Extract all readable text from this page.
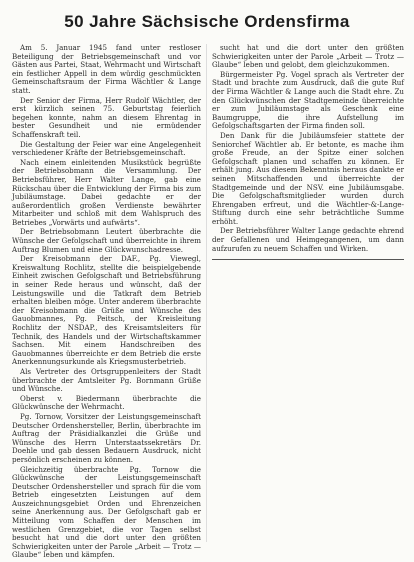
50 Jahre Sächsische Ordensfirma

Am 5. Januar 1945 fand unter restloser Beteiligung der Betriebsgemeinschaft und vor Gästen aus Partei, Staat, Wehrmacht und Wirtschaft ein festlicher Appell in dem würdig geschmückten Gemeinschaftsraum der Firma Wächtler & Lange statt.

Der Senior der Firma, Herr Rudolf Wächtler, der erst kürzlich seinen 75. Geburtstag feierlich begehen konnte, nahm an diesem Ehrentag in bester Gesundheit und nie ermüdender Schaffenskraft teil.

Die Gestaltung der Feier war eine Angelegenheit verschiedener Kräfte der Betriebsgemeinschaft.

Nach einem einleitenden Musikstück begrüßte der Betriebsobmann die Versammlung. Der Betriebsführer, Herr Walter Lange, gab eine Rückschau über die Entwicklung der Firma bis zum Jubiläumstage. Dabei gedachte er der außerordentlich großen Verdienste bewährter Mitarbeiter und schloß mit dem Wahlspruch des Betriebes „Vorwärts und aufwärts“.

Der Betriebsobmann Leutert überbrachte die Wünsche der Gefolgschaft und überreichte in ihrem Auftrag Blumen und eine Glückwunschadresse.

Der Kreisobmann der DAF., Pg. Viewegl, Kreiswaltung Rochlitz, stellte die beispielgebende Einheit zwischen Gefolgschaft und Betriebsführung in seiner Rede heraus und wünscht, daß der Leistungswille und die Tatkraft dem Betrieb erhalten bleiben möge. Unter anderem überbrachte der Kreisobmann die Grüße und Wünsche des Gauobmannes, Pg. Peitsch, der Kreisleitung Rochlitz der NSDAP., des Kreisamtsleiters für Technik, des Handels und der Wirtschaftskammer Sachsen. Mit einem Handschreiben des Gauobmannes überreichte er dem Betrieb die erste Anerkennungsurkunde als Kriegsmusterbetrieb.

Als Vertreter des Ortsgruppenleiters der Stadt überbrachte der Amtsleiter Pg. Bornmann Grüße und Wünsche.

Oberst v. Biedermann überbrachte die Glückwünsche der Wehrmacht.

Pg. Tornow, Vorsitzer der Leistungsgemeinschaft Deutscher Ordenshersteller, Berlin, überbrachte im Auftrag der Präsidialkanzlei die Grüße und Wünsche des Herrn Unterstaatssekretärs Dr. Doehle und gab dessen Bedauern Ausdruck, nicht persönlich erscheinen zu können.

Gleichzeitig überbrachte Pg. Tornow die Glückwünsche der Leistungsgemeinschaft Deutscher Ordenshersteller und sprach für die vom Betrieb eingesetzten Leistungen auf dem Auszeichnungsgebiet Orden und Ehrenzeichen seine Anerkennung aus. Der Gefolgschaft gab er Mitteilung vom Schaffen der Menschen im westlichen Grenzgebiet, die vor Tagen selbst besucht hat und die dort unter den größten Schwierigkeiten unter der Parole „Arbeit — Trotz — Glaube“ leben und kämpfen.

sucht hat und die dort unter den größten Schwierigkeiten unter der Parole „Arbeit — Trotz — Glaube“ leben und gelobt, dem gleichzukommen.

Bürgermeister Pg. Vogel sprach als Vertreter der Stadt und brachte zum Ausdruck, daß die gute Ruf der Firma Wächtler & Lange auch die Stadt ehre. Zu den Glückwünschen der Stadtgemeinde überreichte er zum Jubiläumstage als Geschenk eine Baumgruppe, die ihre Aufstellung im Gefolgschaftsgarten der Firma finden soll.

Den Dank für die Jubiläumsfeier stattete der Seniorchef Wächtler ab. Er betonte, es mache ihm große Freude, an der Spitze einer solchen Gefolgschaft planen und schaffen zu können. Er erhält jung. Aus diesem Bekenntnis heraus dankte er seinen Mitschaffenden und überreichte der Stadtgemeinde und der NSV. eine Jubiläumsgabe. Die Gefolgschaftsmitglieder wurden durch Ehrengaben erfreut, und die Wächtler-&-Lange-Stiftung durch eine sehr beträchtliche Summe erhöht.

Der Betriebsführer Walter Lange gedachte ehrend der Gefallenen und Heimgegangenen, um dann aufzurufen zu neuem Schaffen und Wirken.
